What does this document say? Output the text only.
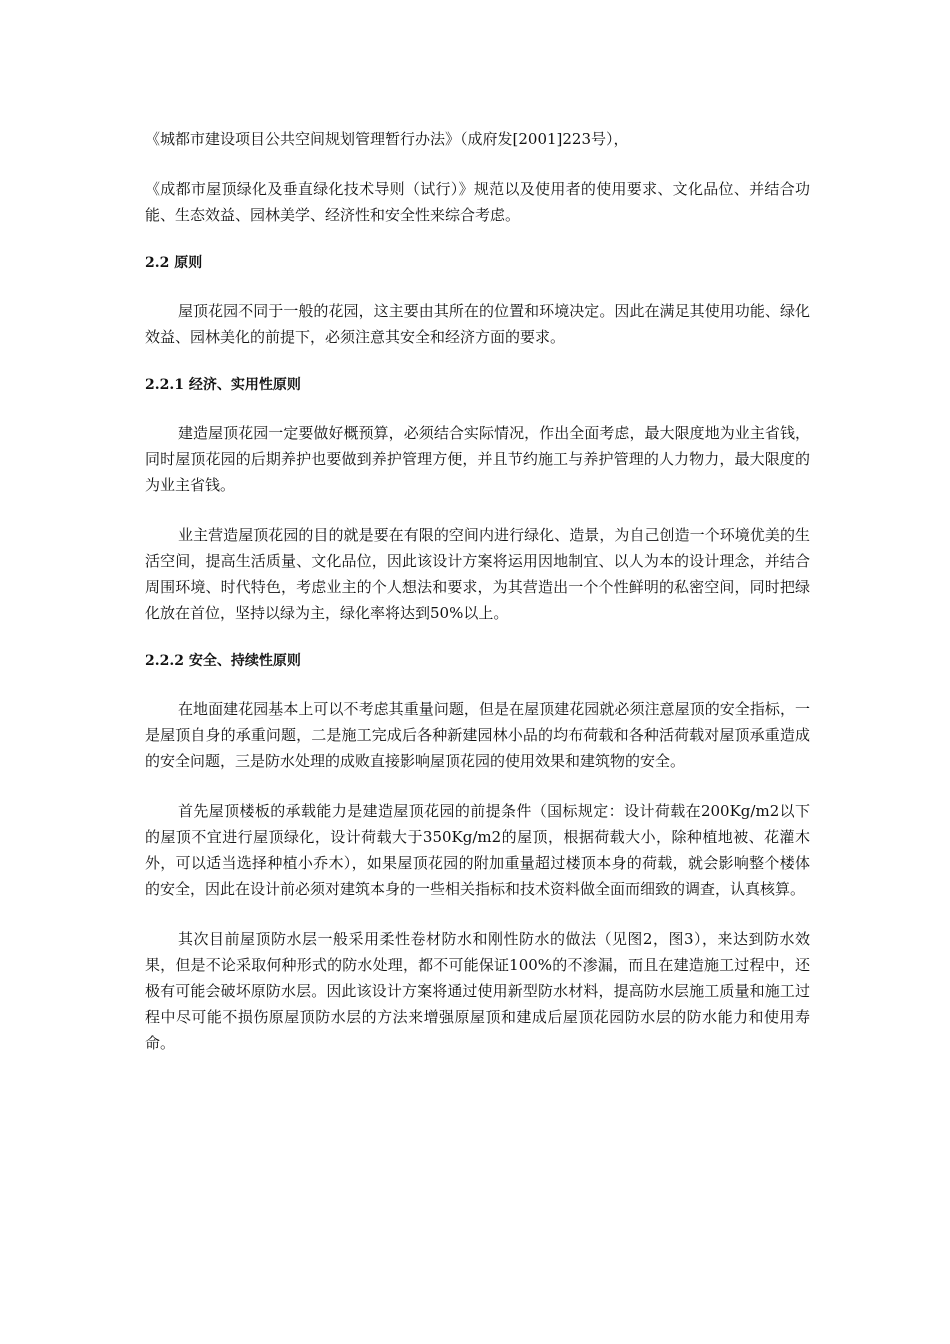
《城都市建设项目公共空间规划管理暂行办法》（成府发[2001]223号），

《成都市屋顶绿化及垂直绿化技术导则（试行）》规范以及使用者的使用要求、文化品位、并结合功能、生态效益、园林美学、经济性和安全性来综合考虑。

2.2 原则

屋顶花园不同于一般的花园，这主要由其所在的位置和环境决定。因此在满足其使用功能、绿化效益、园林美化的前提下，必须注意其安全和经济方面的要求。

2.2.1 经济、实用性原则

建造屋顶花园一定要做好概预算，必须结合实际情况，作出全面考虑，最大限度地为业主省钱，同时屋顶花园的后期养护也要做到养护管理方便，并且节约施工与养护管理的人力物力，最大限度的为业主省钱。

业主营造屋顶花园的目的就是要在有限的空间内进行绿化、造景，为自己创造一个环境优美的生活空间，提高生活质量、文化品位，因此该设计方案将运用因地制宜、以人为本的设计理念，并结合周围环境、时代特色，考虑业主的个人想法和要求，为其营造出一个个性鲜明的私密空间，同时把绿化放在首位，坚持以绿为主，绿化率将达到50%以上。

2.2.2 安全、持续性原则

在地面建花园基本上可以不考虑其重量问题，但是在屋顶建花园就必须注意屋顶的安全指标，一是屋顶自身的承重问题，二是施工完成后各种新建园林小品的均布荷载和各种活荷载对屋顶承重造成的安全问题，三是防水处理的成败直接影响屋顶花园的使用效果和建筑物的安全。

首先屋顶楼板的承载能力是建造屋顶花园的前提条件（国标规定：设计荷载在200Kg/m2以下的屋顶不宜进行屋顶绿化，设计荷载大于350Kg/m2的屋顶，根据荷载大小，除种植地被、花灌木外，可以适当选择种植小乔木），如果屋顶花园的附加重量超过楼顶本身的荷载，就会影响整个楼体的安全，因此在设计前必须对建筑本身的一些相关指标和技术资料做全面而细致的调查，认真核算。

其次目前屋顶防水层一般采用柔性卷材防水和刚性防水的做法（见图2，图3），来达到防水效果，但是不论采取何种形式的防水处理，都不可能保证100%的不渗漏，而且在建造施工过程中，还极有可能会破坏原防水层。因此该设计方案将通过使用新型防水材料，提高防水层施工质量和施工过程中尽可能不损伤原屋顶防水层的方法来增强原屋顶和建成后屋顶花园防水层的防水能力和使用寿命。
